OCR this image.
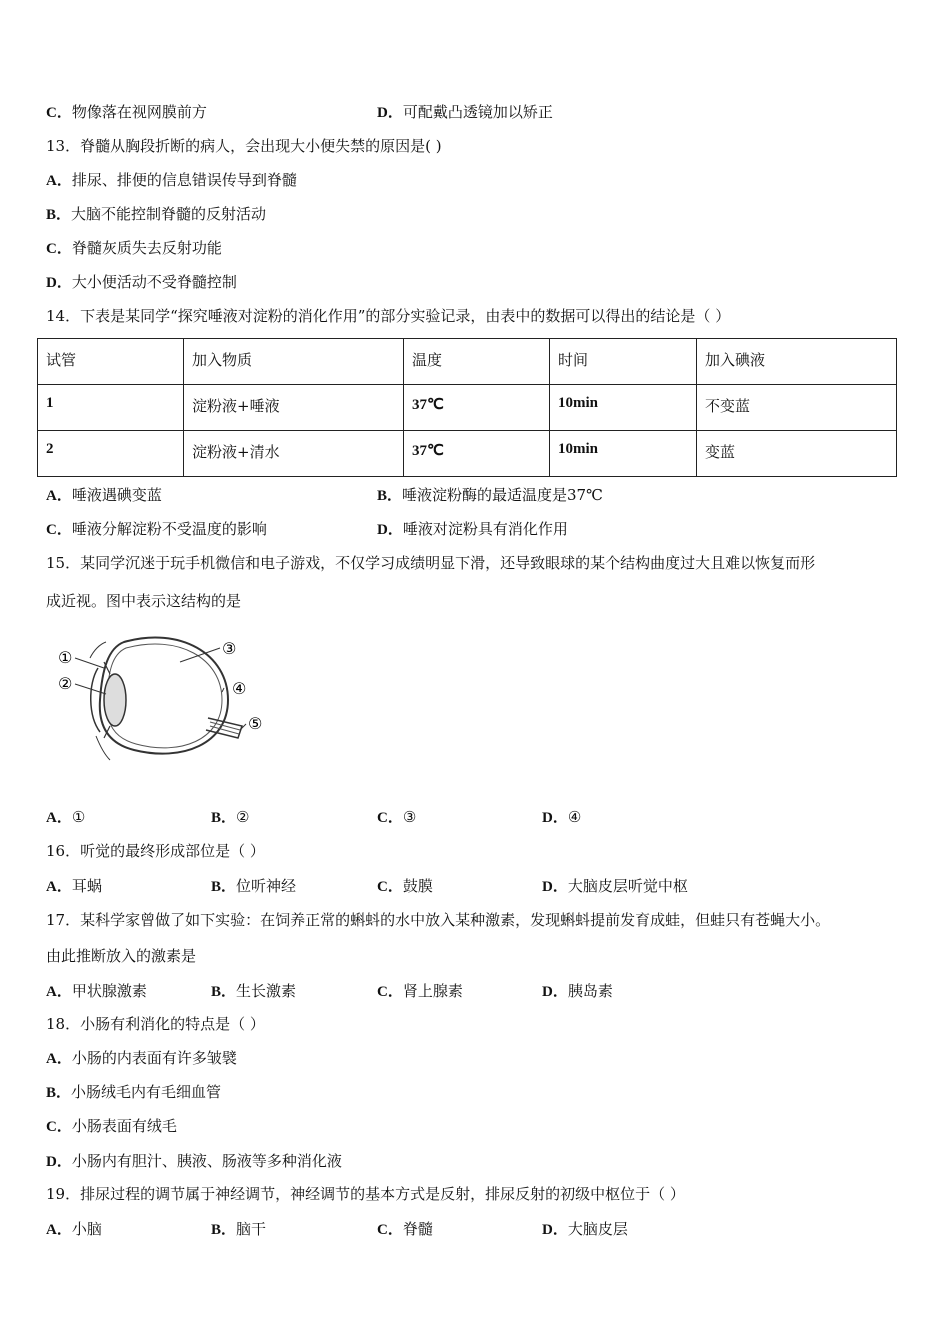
C．物像落在视网膜前方	D．可配戴凸透镜加以矫正
13．脊髓从胸段折断的病人，会出现大小便失禁的原因是( )
A．排尿、排便的信息错误传导到脊髓
B．大脑不能控制脊髓的反射活动
C．脊髓灰质失去反射功能
D．大小便活动不受脊髓控制
14．下表是某同学“探究唾液对淀粉的消化作用”的部分实验记录，由表中的数据可以得出的结论是（ ）
试管	加入物质	温度	时间	加入碘液
1	淀粉液+唾液	37℃	10min	不变蓝
2	淀粉液+清水	37℃	10min	变蓝
A．唾液遇碘变蓝	B．唾液淀粉酶的最适温度是37℃
C．唾液分解淀粉不受温度的影响	D．唾液对淀粉具有消化作用
15．某同学沉迷于玩手机微信和电子游戏，不仅学习成绩明显下滑，还导致眼球的某个结构曲度过大且难以恢复而形
成近视。图中表示这结构的是
①
②
③
④
⑤
A．①	B．②	C．③	D．④
16．听觉的最终形成部位是（ ）
A．耳蜗	B．位听神经	C．鼓膜	D．大脑皮层听觉中枢
17．某科学家曾做了如下实验：在饲养正常的蝌蚪的水中放入某种激素，发现蝌蚪提前发育成蛙，但蛙只有苍蝇大小。
由此推断放入的激素是
A．甲状腺激素	B．生长激素	C．肾上腺素	D．胰岛素
18．小肠有利消化的特点是（ ）
A．小肠的内表面有许多皱襞
B．小肠绒毛内有毛细血管
C．小肠表面有绒毛
D．小肠内有胆汁、胰液、肠液等多种消化液
19．排尿过程的调节属于神经调节，神经调节的基本方式是反射，排尿反射的初级中枢位于（ ）
A．小脑	B．脑干	C．脊髓	D．大脑皮层
